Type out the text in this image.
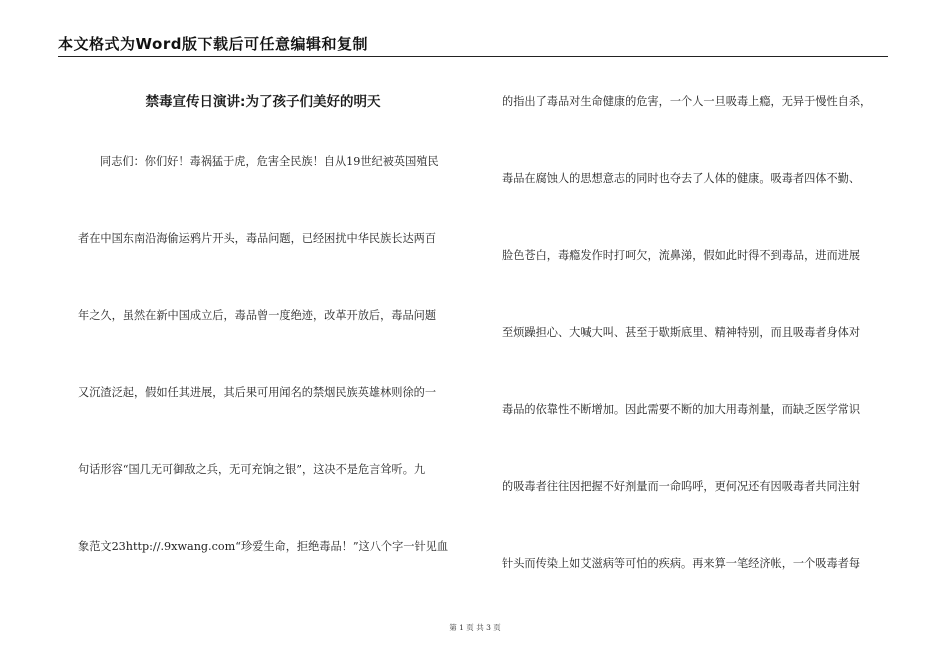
本文格式为Word版下载后可任意编辑和复制
禁毒宣传日演讲:为了孩子们美好的明天
同志们：你们好！毒祸猛于虎，危害全民族！自从19世纪被英国殖民
者在中国东南沿海偷运鸦片开头，毒品问题，已经困扰中华民族长达两百
年之久，虽然在新中国成立后，毒品曾一度绝迹，改革开放后，毒品问题
又沉渣泛起，假如任其进展，其后果可用闻名的禁烟民族英雄林则徐的一
句话形容“国几无可御敌之兵，无可充饷之银”，这决不是危言耸听。九
象范文23http://.9xwang.com“珍爱生命，拒绝毒品！”这八个字一针见血
的指出了毒品对生命健康的危害，一个人一旦吸毒上瘾，无异于慢性自杀，
毒品在腐蚀人的思想意志的同时也夺去了人体的健康。吸毒者四体不勤、
脸色苍白，毒瘾发作时打呵欠，流鼻涕，假如此时得不到毒品，进而进展
至烦躁担心、大喊大叫、甚至于歇斯底里、精神特别，而且吸毒者身体对
毒品的依靠性不断增加。因此需要不断的加大用毒剂量，而缺乏医学常识
的吸毒者往往因把握不好剂量而一命呜呼，更何况还有因吸毒者共同注射
针头而传染上如艾滋病等可怕的疾病。再来算一笔经济帐，一个吸毒者每
第 1 页 共 3 页
